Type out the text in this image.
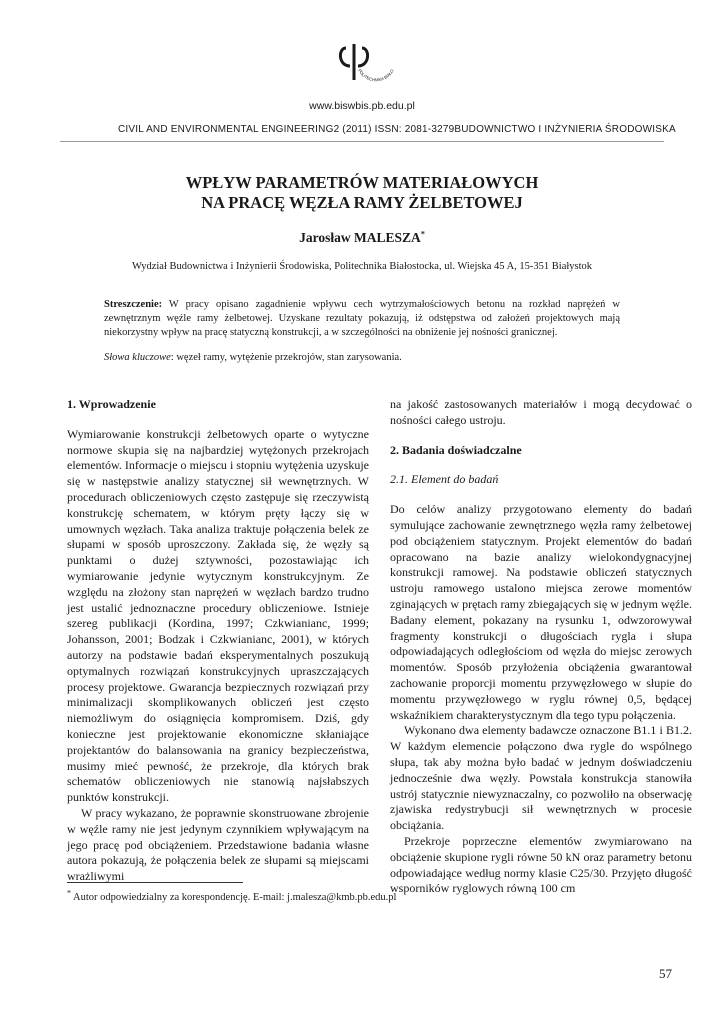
POLITECHNIKA BIAŁO
www.biswbis.pb.edu.pl
CIVIL AND ENVIRONMENTAL ENGINEERING 2 (2011) ISSN: 2081-3279 BUDOWNICTWO I INŻYNIERIA ŚRODOWISKA
WPŁYW PARAMETRÓW MATERIAŁOWYCH
NA PRACĘ WĘZŁA RAMY ŻELBETOWEJ
Jarosław MALESZA*
Wydział Budownictwa i Inżynierii Środowiska, Politechnika Białostocka, ul. Wiejska 45 A, 15-351 Białystok
Streszczenie: W pracy opisano zagadnienie wpływu cech wytrzymałościowych betonu na rozkład naprężeń w zewnętrznym węźle ramy żelbetowej. Uzyskane rezultaty pokazują, iż odstępstwa od założeń projektowych mają niekorzystny wpływ na pracę statyczną konstrukcji, a w szczególności na obniżenie jej nośności granicznej.
Słowa kluczowe: węzeł ramy, wytężenie przekrojów, stan zarysowania.

1. Wprowadzenie

Wymiarowanie konstrukcji żelbetowych oparte o wytyczne normowe skupia się na najbardziej wytężonych przekrojach elementów. Informacje o miejscu i stopniu wytężenia uzyskuje się w następstwie analizy statycznej sił wewnętrznych. W procedurach obliczeniowych często zastępuje się rzeczywistą konstrukcję schematem, w którym pręty łączy się w umownych węzłach. Taka analiza traktuje połączenia belek ze słupami w sposób uproszczony. Zakłada się, że węzły są punktami o dużej sztywności, pozostawiając ich wymiarowanie jedynie wytycznym konstrukcyjnym. Ze względu na złożony stan naprężeń w węzłach bardzo trudno jest ustalić jednoznaczne procedury obliczeniowe. Istnieje szereg publikacji (Kordina, 1997; Czkwianianc, 1999; Johansson, 2001; Bodzak i Czkwianianc, 2001), w których autorzy na podstawie badań eksperymentalnych poszukują optymalnych rozwiązań konstrukcyjnych upraszczających procesy projektowe. Gwarancja bezpiecznych rozwiązań przy minimalizacji skomplikowanych obliczeń jest często niemożliwym do osiągnięcia kompromisem. Dziś, gdy konieczne jest projektowanie ekonomiczne skłaniające projektantów do balansowania na granicy bezpieczeństwa, musimy mieć pewność, że przekroje, dla których brak schematów obliczeniowych nie stanowią najsłabszych punktów konstrukcji.

W pracy wykazano, że poprawnie skonstruowane zbrojenie w węźle ramy nie jest jedynym czynnikiem wpływającym na jego pracę pod obciążeniem. Przedstawione badania własne autora pokazują, że połączenia belek ze słupami są miejscami wrażliwymi

na jakość zastosowanych materiałów i mogą decydować o nośności całego ustroju.

2. Badania doświadczalne

2.1. Element do badań

Do celów analizy przygotowano elementy do badań symulujące zachowanie zewnętrznego węzła ramy żelbetowej pod obciążeniem statycznym. Projekt elementów do badań opracowano na bazie analizy wielokondygnacyjnej konstrukcji ramowej. Na podstawie obliczeń statycznych ustroju ramowego ustalono miejsca zerowe momentów zginających w prętach ramy zbiegających się w jednym węźle. Badany element, pokazany na rysunku 1, odwzorowywał fragmenty konstrukcji o długościach rygla i słupa odpowiadających odległościom od węzła do miejsc zerowych momentów. Sposób przyłożenia obciążenia gwarantował zachowanie proporcji momentu przywęzłowego w słupie do momentu przywęzłowego w ryglu równej 0,5, będącej wskaźnikiem charakterystycznym dla tego typu połączenia.

Wykonano dwa elementy badawcze oznaczone B1.1 i B1.2. W każdym elemencie połączono dwa rygle do wspólnego słupa, tak aby można było badać w jednym doświadczeniu jednocześnie dwa węzły. Powstała konstrukcja stanowiła ustrój statycznie niewyznaczalny, co pozwoliło na obserwację zjawiska redystrybucji sił wewnętrznych w procesie obciążania.

Przekroje poprzeczne elementów zwymiarowano na obciążenie skupione rygli równe 50 kN oraz parametry betonu odpowiadające według normy klasie C25/30. Przyjęto długość wsporników ryglowych równą 100 cm

* Autor odpowiedzialny za korespondencję. E-mail: j.malesza@kmb.pb.edu.pl
57
